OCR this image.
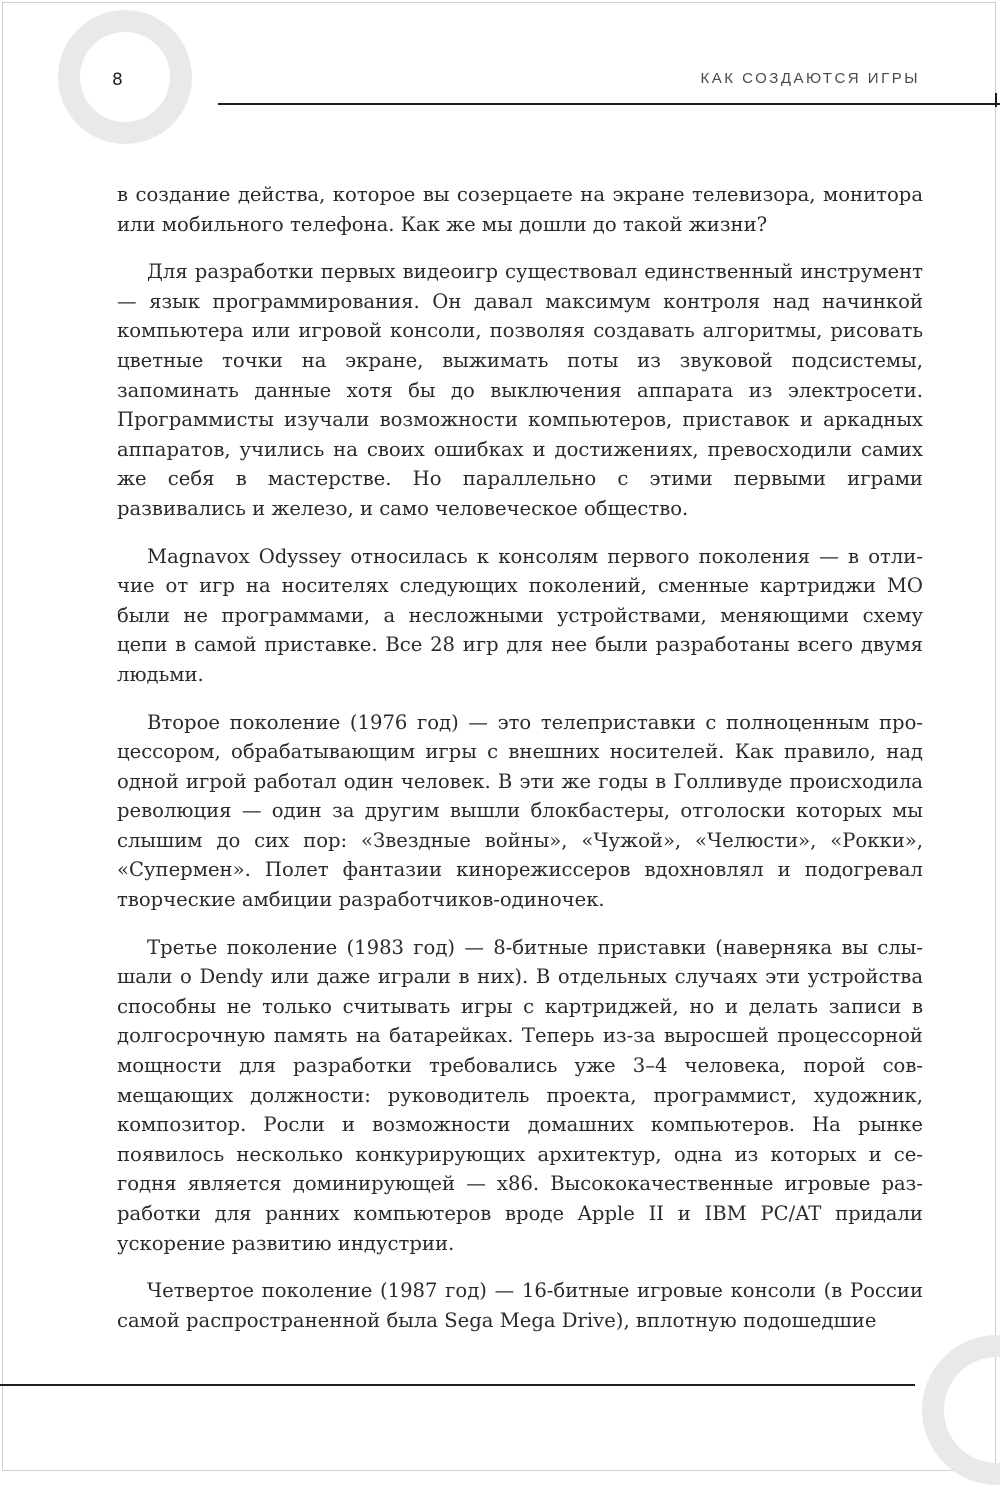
8	КАК СОЗДАЮТСЯ ИГРЫ

в создание действа, которое вы созерцаете на экране телевизора, монитора или мобильного телефона. Как же мы дошли до такой жизни?

Для разработки первых видеоигр существовал единственный инструмент — язык программирования. Он давал максимум контроля над начинкой компьютера или игровой консоли, позволяя создавать алгоритмы, рисовать цветные точки на экране, выжимать поты из звуковой подсистемы, запоминать данные хотя бы до выключения аппарата из электросети. Программисты изучали возможности компьютеров, приставок и аркадных аппаратов, учились на своих ошибках и достижениях, превосходили самих же себя в мастерстве. Но параллельно с этими первыми играми развивались и железо, и само человеческое общество.

Magnavox Odyssey относилась к консолям первого поколения — в отличие от игр на носителях следующих поколений, сменные картриджи МО были не программами, а несложными устройствами, меняющими схему цепи в самой приставке. Все 28 игр для нее были разработаны всего двумя людьми.

Второе поколение (1976 год) — это телеприставки с полноценным процессором, обрабатывающим игры с внешних носителей. Как правило, над одной игрой работал один человек. В эти же годы в Голливуде происходила революция — один за другим вышли блокбастеры, отголоски которых мы слышим до сих пор: «Звездные войны», «Чужой», «Челюсти», «Рокки», «Супермен». Полет фантазии кинорежиссеров вдохновлял и подогревал творческие амбиции разработчиков-одиночек.

Третье поколение (1983 год) — 8-битные приставки (наверняка вы слышали о Dendy или даже играли в них). В отдельных случаях эти устройства способны не только считывать игры с картриджей, но и делать записи в долгосрочную память на батарейках. Теперь из-за выросшей процессорной мощности для разработки требовались уже 3–4 человека, порой совмещающих должности: руководитель проекта, программист, художник, композитор. Росли и возможности домашних компьютеров. На рынке появилось несколько конкурирующих архитектур, одна из которых и сегодня является доминирующей — x86. Высококачественные игровые разработки для ранних компьютеров вроде Apple II и IBM PC/AT придали ускорение развитию индустрии.

Четвертое поколение (1987 год) — 16-битные игровые консоли (в России самой распространенной была Sega Mega Drive), вплотную подошедшие
